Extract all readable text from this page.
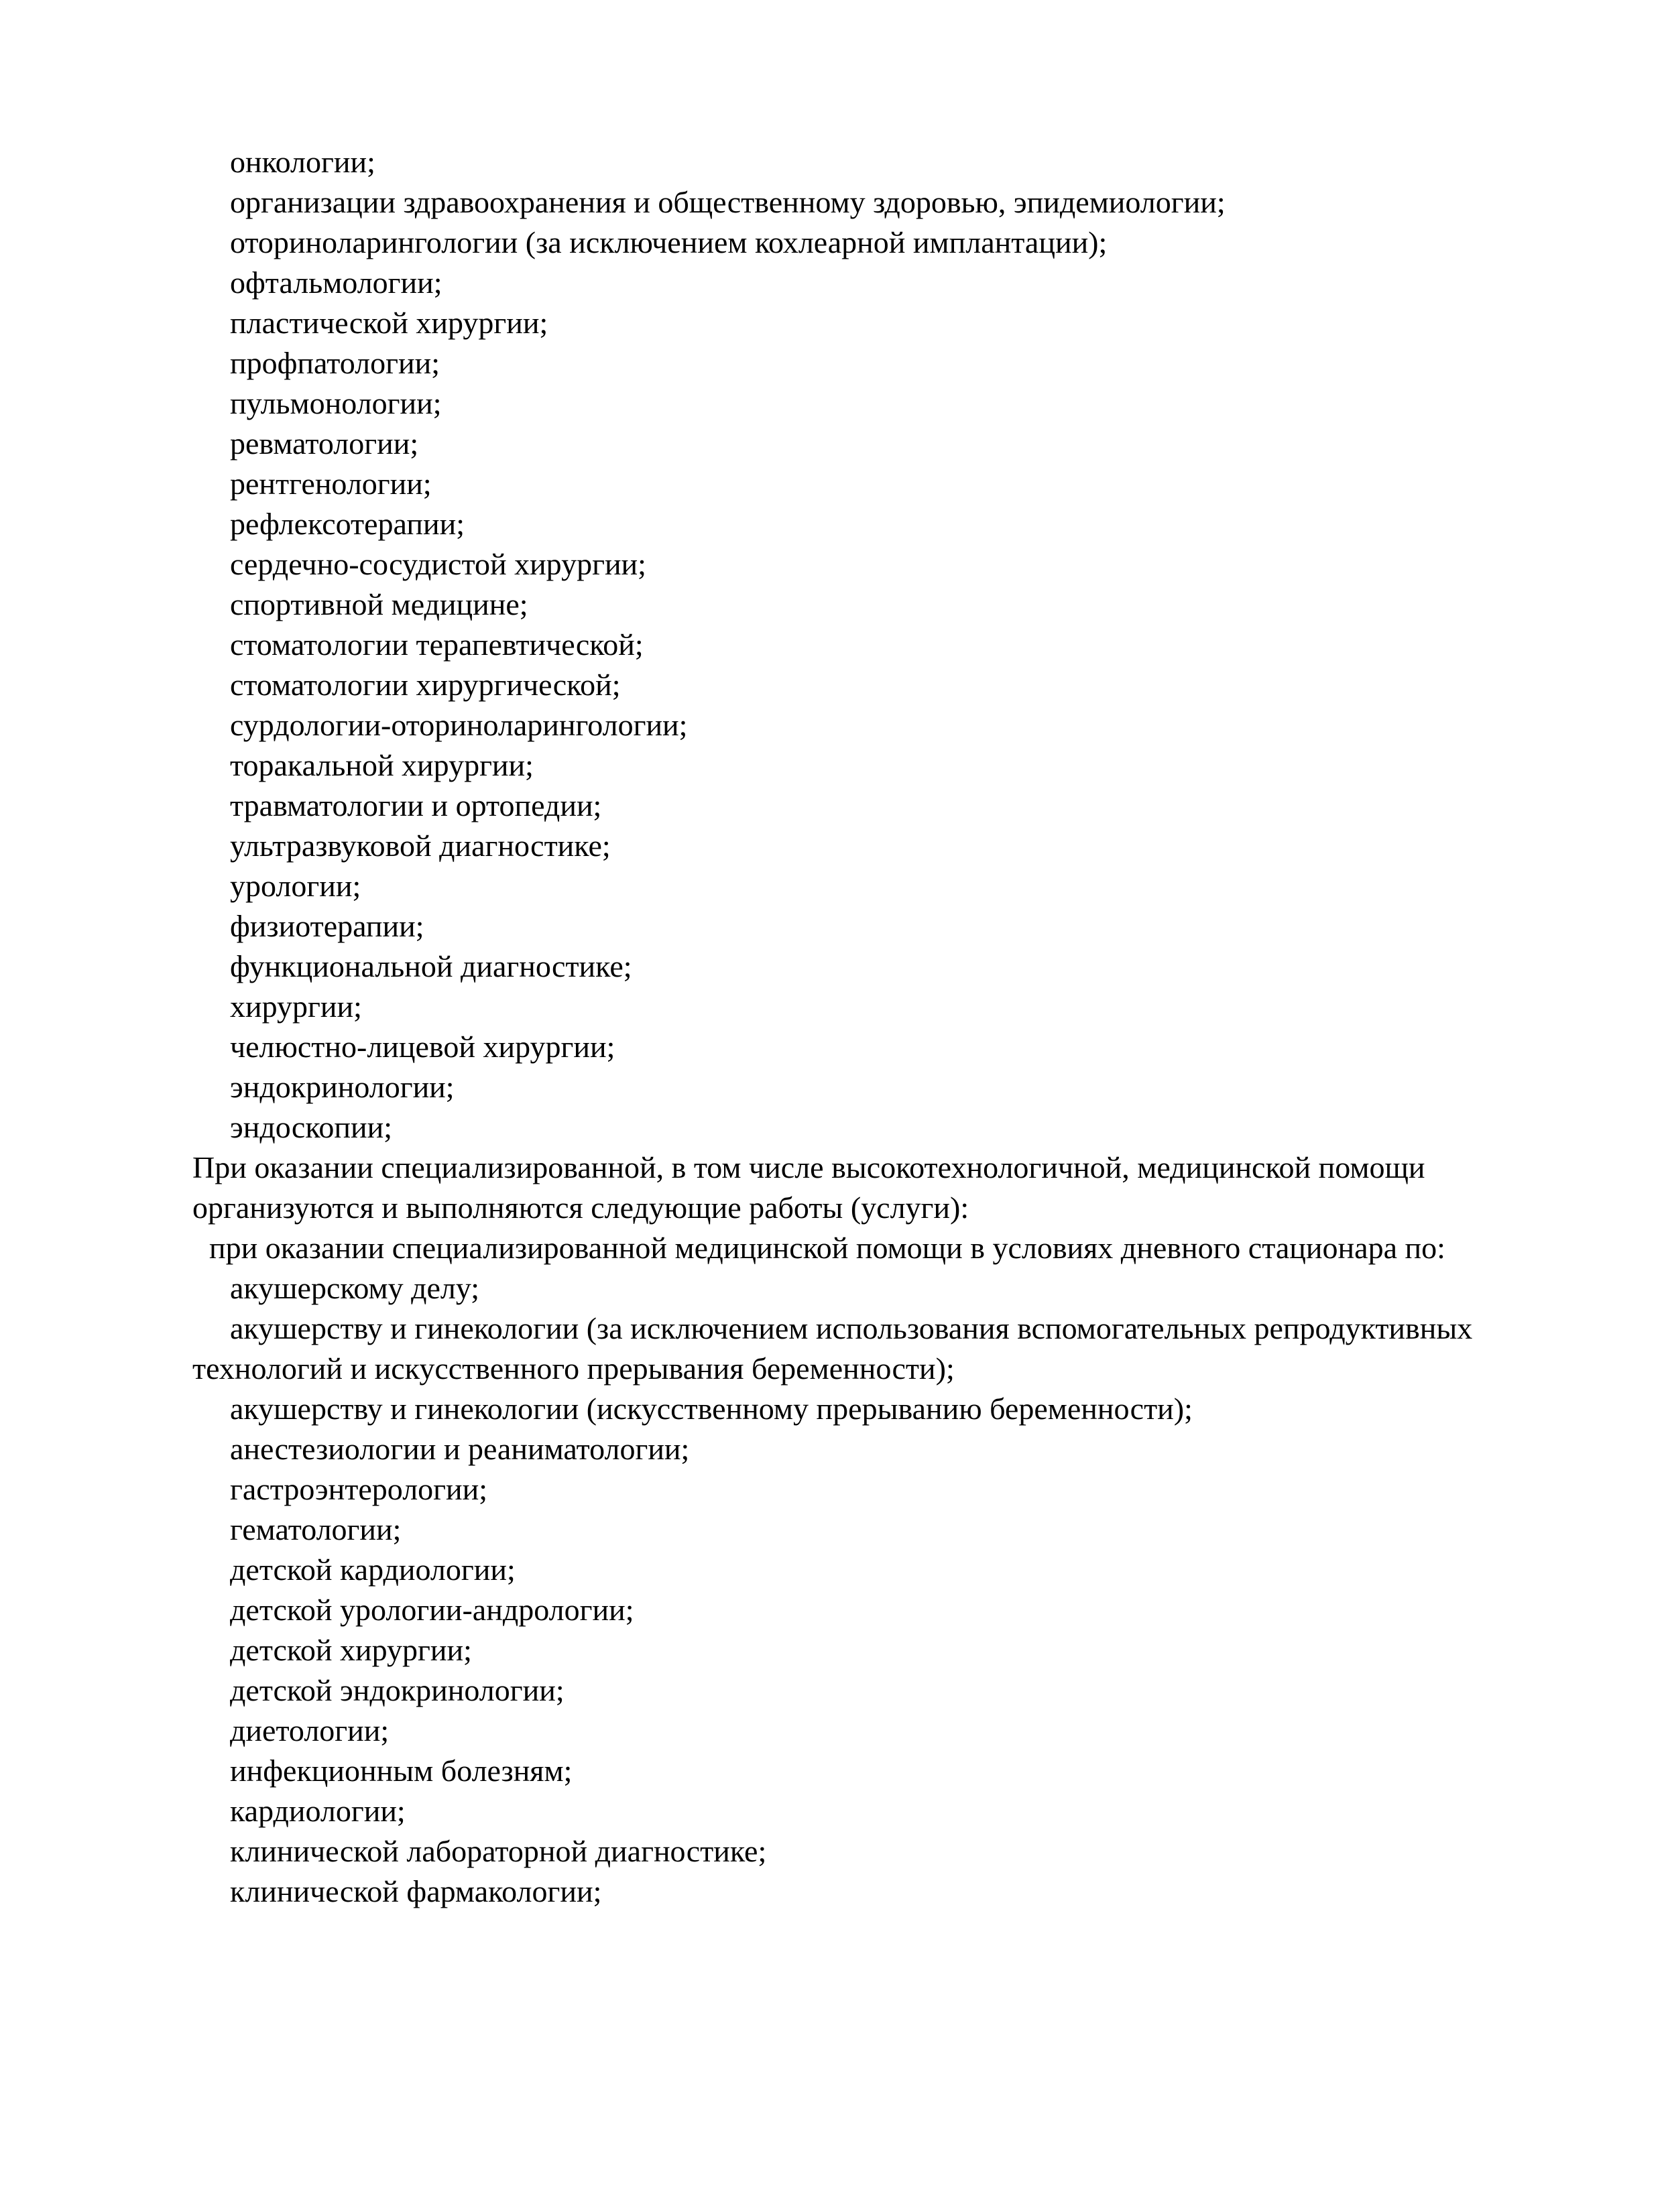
онкологии;
организации здравоохранения и общественному здоровью, эпидемиологии;
оториноларингологии (за исключением кохлеарной имплантации);
офтальмологии;
пластической хирургии;
профпатологии;
пульмонологии;
ревматологии;
рентгенологии;
рефлексотерапии;
сердечно-сосудистой хирургии;
спортивной медицине;
стоматологии терапевтической;
стоматологии хирургической;
сурдологии-оториноларингологии;
торакальной хирургии;
травматологии и ортопедии;
ультразвуковой диагностике;
урологии;
физиотерапии;
функциональной диагностике;
хирургии;
челюстно-лицевой хирургии;
эндокринологии;
эндоскопии;
При оказании специализированной, в том числе высокотехнологичной, медицинской помощи
организуются и выполняются следующие работы (услуги):
при оказании специализированной медицинской помощи в условиях дневного стационара по:
акушерскому делу;
акушерству и гинекологии (за исключением использования вспомогательных репродуктивных
технологий и искусственного прерывания беременности);
акушерству и гинекологии (искусственному прерыванию беременности);
анестезиологии и реаниматологии;
гастроэнтерологии;
гематологии;
детской кардиологии;
детской урологии-андрологии;
детской хирургии;
детской эндокринологии;
диетологии;
инфекционным болезням;
кардиологии;
клинической лабораторной диагностике;
клинической фармакологии;
